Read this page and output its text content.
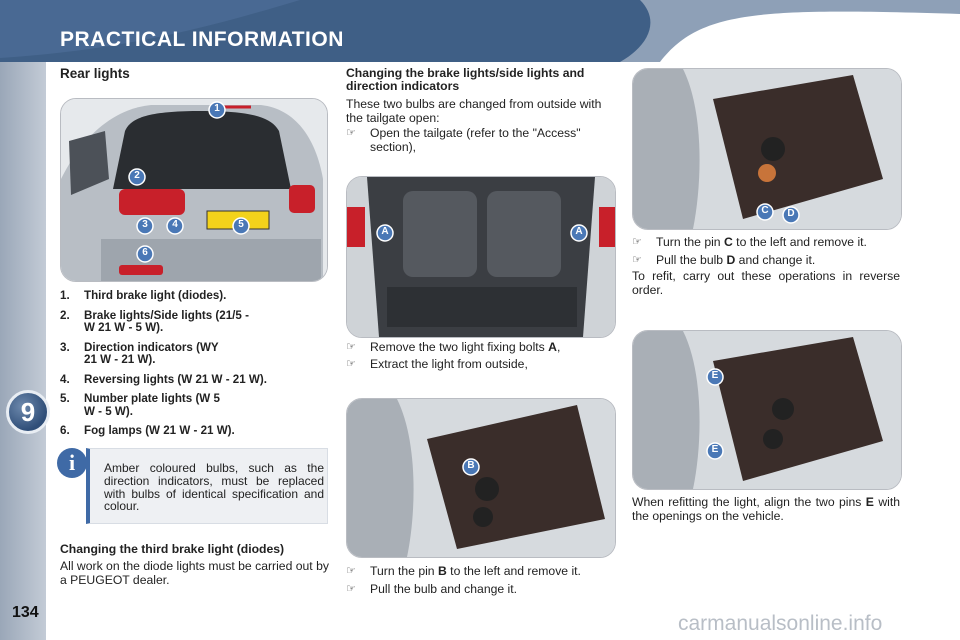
PRACTICAL INFORMATION
9
134
Rear lights
1
2
3	4	5
6
1.	Third brake light (diodes).
2.	Brake lights/Side lights (21/5 - W 21 W - 5 W).
3.	Direction indicators (WY 21 W - 21 W).
4.	Reversing lights (W 21 W - 21 W).
5.	Number plate lights (W 5 W - 5 W).
6.	Fog lamps (W 21 W - 21 W).
i	Amber coloured bulbs, such as the direction indicators, must be replaced with bulbs of identical specification and colour.
Changing the third brake light (diodes)

All work on the diode lights must be carried out by a PEUGEOT dealer.

Changing the brake lights/side lights and direction indicators

These two bulbs are changed from outside with the tailgate open:

☞	Open the tailgate (refer to the "Access" section),
A	A
☞	Remove the two light fixing bolts A,
☞	Extract the light from outside,
B
☞	Turn the pin B to the left and remove it.
☞	Pull the bulb and change it.
C	D
☞	Turn the pin C to the left and remove it.
☞	Pull the bulb D and change it.

To refit, carry out these operations in reverse order.

E
E
When refitting the light, align the two pins E with the openings on the vehicle.
carmanualsonline.info
